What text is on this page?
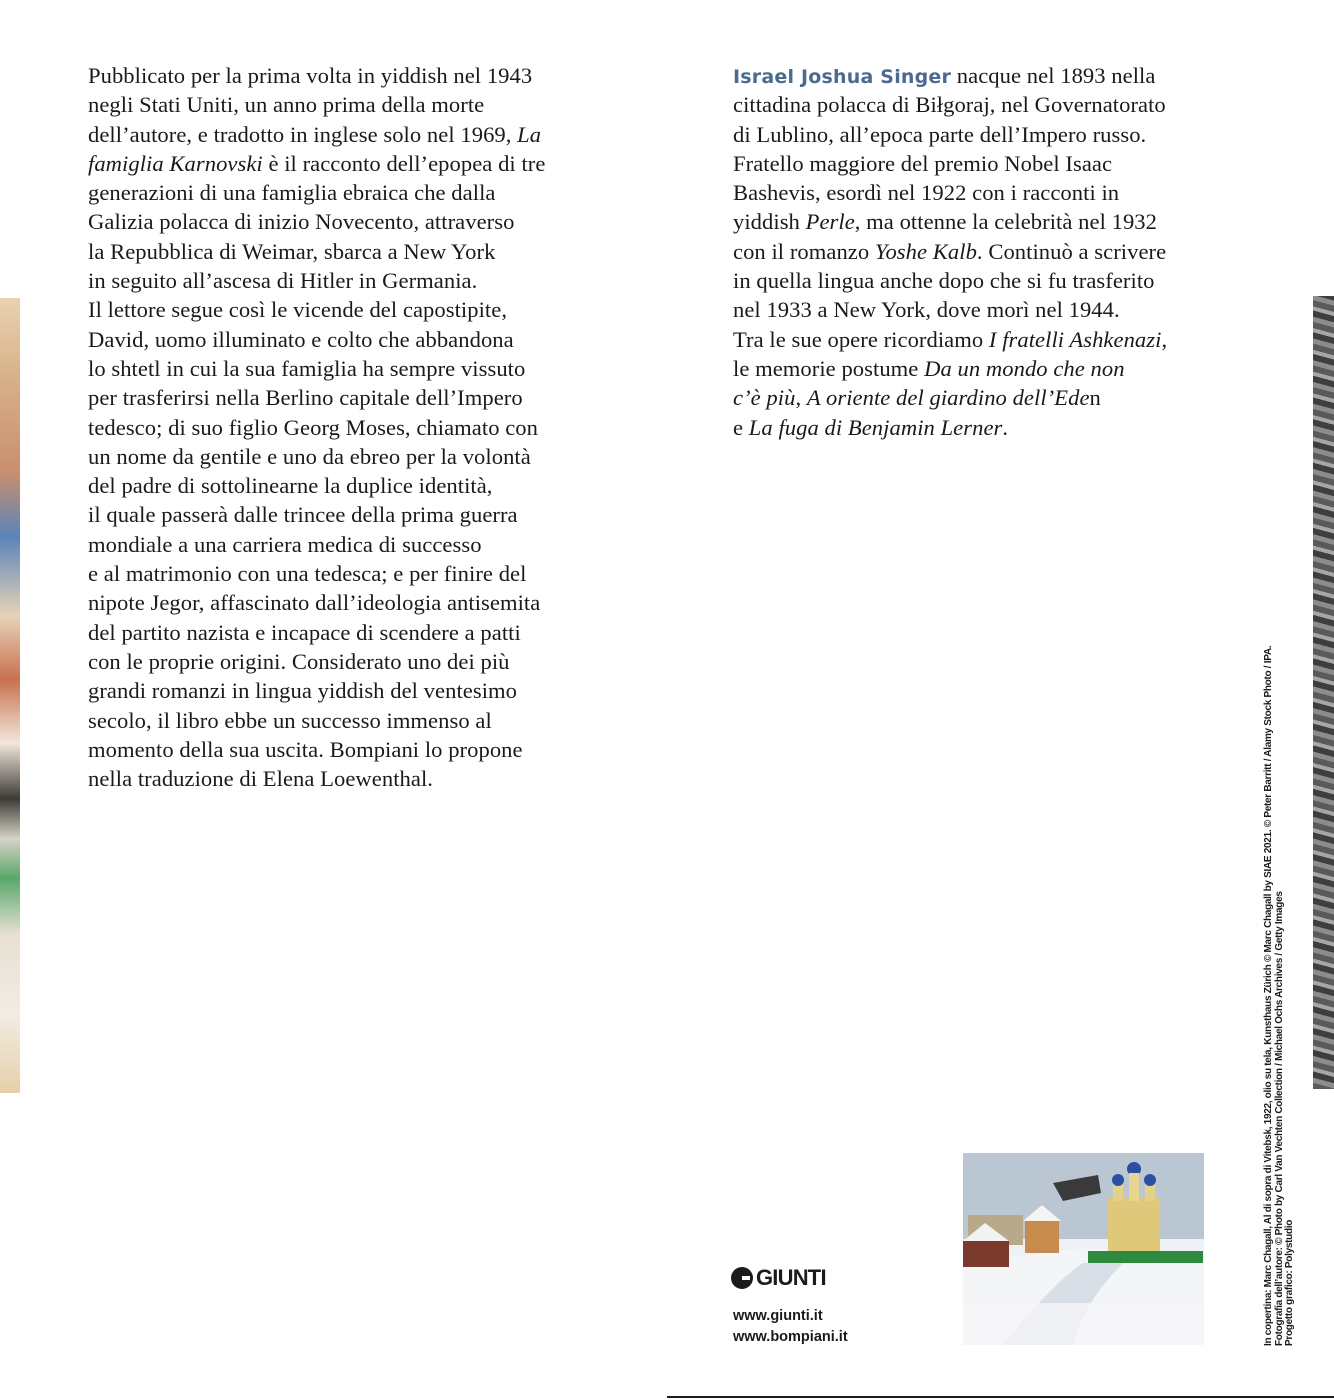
Pubblicato per la prima volta in yiddish nel 1943
negli Stati Uniti, un anno prima della morte
dell’autore, e tradotto in inglese solo nel 1969, La
famiglia Karnovski è il racconto dell’epopea di tre
generazioni di una famiglia ebraica che dalla
Galizia polacca di inizio Novecento, attraverso
la Repubblica di Weimar, sbarca a New York
in seguito all’ascesa di Hitler in Germania.
Il lettore segue così le vicende del capostipite,
David, uomo illuminato e colto che abbandona
lo shtetl in cui la sua famiglia ha sempre vissuto
per trasferirsi nella Berlino capitale dell’Impero
tedesco; di suo figlio Georg Moses, chiamato con
un nome da gentile e uno da ebreo per la volontà
del padre di sottolinearne la duplice identità,
il quale passerà dalle trincee della prima guerra
mondiale a una carriera medica di successo
e al matrimonio con una tedesca; e per finire del
nipote Jegor, affascinato dall’ideologia antisemita
del partito nazista e incapace di scendere a patti
con le proprie origini. Considerato uno dei più
grandi romanzi in lingua yiddish del ventesimo
secolo, il libro ebbe un successo immenso al
momento della sua uscita. Bompiani lo propone
nella traduzione di Elena Loewenthal.
Israel Joshua Singer nacque nel 1893 nella
cittadina polacca di Biłgoraj, nel Governatorato
di Lublino, all’epoca parte dell’Impero russo.
Fratello maggiore del premio Nobel Isaac
Bashevis, esordì nel 1922 con i racconti in
yiddish Perle, ma ottenne la celebrità nel 1932
con il romanzo Yoshe Kalb. Continuò a scrivere
in quella lingua anche dopo che si fu trasferito
nel 1933 a New York, dove morì nel 1944.
Tra le sue opere ricordiamo I fratelli Ashkenazi,
le memorie postume Da un mondo che non
c’è più, A oriente del giardino dell’Eden
e La fuga di Benjamin Lerner.
GIUNTI
www.giunti.it
www.bompiani.it	In copertina: Marc Chagall, Al di sopra di Vitebsk, 1922, olio su tela, Kunsthaus Zürich © Marc Chagall by SIAE 2021. © Peter Barritt / Alamy Stock Photo / IPA. Fotografia dell’autore: © Photo by Carl Van Vechten Collection / Michael Ochs Archives / Getty Images Progetto grafico: Polystudio
